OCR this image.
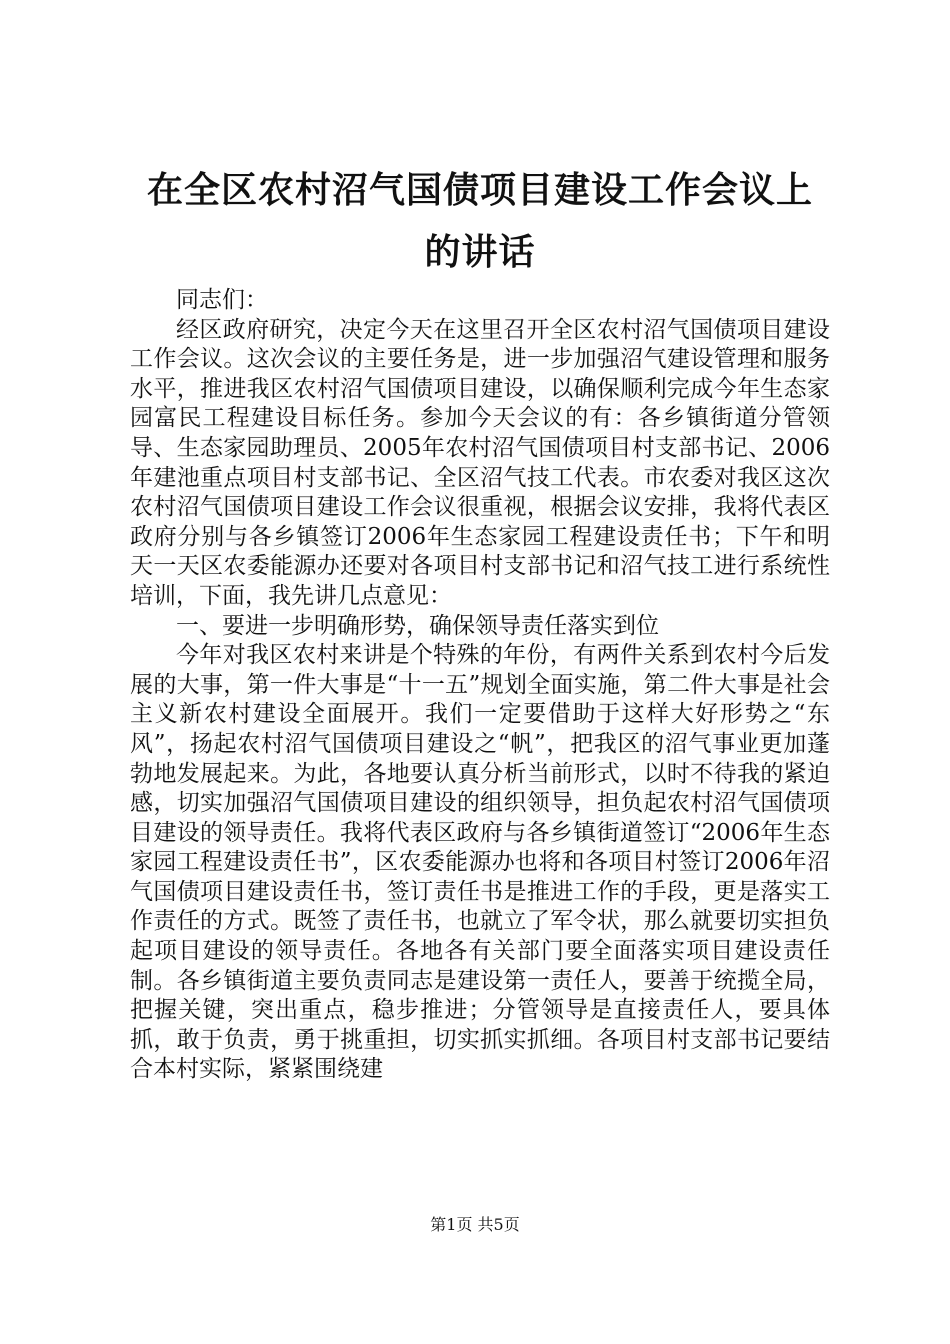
在全区农村沼气国债项目建设工作会议上的讲话

同志们：

经区政府研究，决定今天在这里召开全区农村沼气国债项目建设工作会议。这次会议的主要任务是，进一步加强沼气建设管理和服务水平，推进我区农村沼气国债项目建设，以确保顺利完成今年生态家园富民工程建设目标任务。参加今天会议的有：各乡镇街道分管领导、生态家园助理员、2005年农村沼气国债项目村支部书记、2006年建池重点项目村支部书记、全区沼气技工代表。市农委对我区这次农村沼气国债项目建设工作会议很重视，根据会议安排，我将代表区政府分别与各乡镇签订2006年生态家园工程建设责任书；下午和明天一天区农委能源办还要对各项目村支部书记和沼气技工进行系统性培训，下面，我先讲几点意见：

一、要进一步明确形势，确保领导责任落实到位

今年对我区农村来讲是个特殊的年份，有两件关系到农村今后发展的大事，第一件大事是“十一五”规划全面实施，第二件大事是社会主义新农村建设全面展开。我们一定要借助于这样大好形势之“东风”，扬起农村沼气国债项目建设之“帆”，把我区的沼气事业更加蓬勃地发展起来。为此，各地要认真分析当前形式，以时不待我的紧迫感，切实加强沼气国债项目建设的组织领导，担负起农村沼气国债项目建设的领导责任。我将代表区政府与各乡镇街道签订“2006年生态家园工程建设责任书”，区农委能源办也将和各项目村签订2006年沼气国债项目建设责任书，签订责任书是推进工作的手段，更是落实工作责任的方式。既签了责任书，也就立了军令状，那么就要切实担负起项目建设的领导责任。各地各有关部门要全面落实项目建设责任制。各乡镇街道主要负责同志是建设第一责任人，要善于统揽全局，把握关键，突出重点，稳步推进；分管领导是直接责任人，要具体抓，敢于负责，勇于挑重担，切实抓实抓细。各项目村支部书记要结合本村实际，紧紧围绕建

第1页 共5页
